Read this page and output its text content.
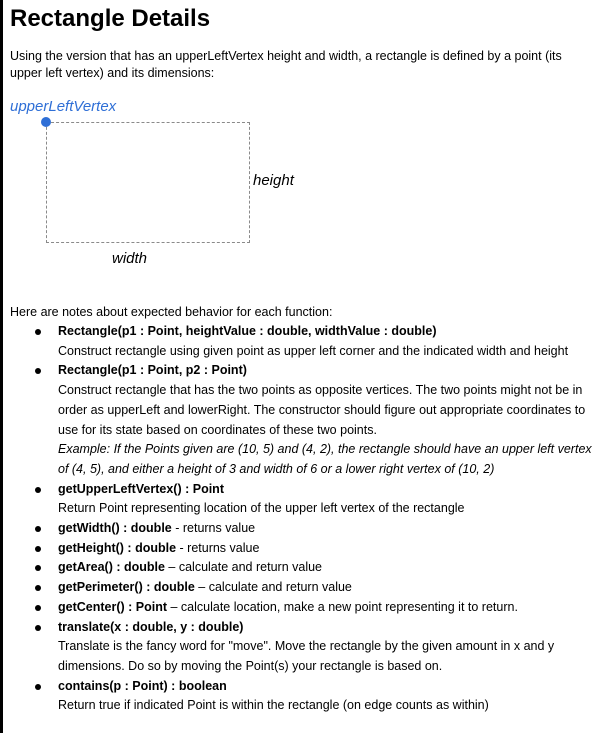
Rectangle Details
Using the version that has an upperLeftVertex height and width, a rectangle is defined by a point (its upper left vertex) and its dimensions:
upperLeftVertex
height
width
Here are notes about expected behavior for each function:
Rectangle(p1 : Point, heightValue : double, widthValue : double)
Construct rectangle using given point as upper left corner and the indicated width and height
Rectangle(p1 : Point, p2 : Point)
Construct rectangle that has the two points as opposite vertices. The two points might not be in order as upperLeft and lowerRight. The constructor should figure out appropriate coordinates to use for its state based on coordinates of these two points.
Example: If the Points given are (10, 5) and (4, 2), the rectangle should have an upper left vertex of (4, 5), and either a height of 3 and width of 6 or a lower right vertex of (10, 2)
getUpperLeftVertex() : Point
Return Point representing location of the upper left vertex of the rectangle
getWidth() : double - returns value
getHeight() : double - returns value
getArea() : double – calculate and return value
getPerimeter() : double – calculate and return value
getCenter() : Point – calculate location, make a new point representing it to return.
translate(x : double, y : double)
Translate is the fancy word for "move". Move the rectangle by the given amount in x and y dimensions. Do so by moving the Point(s) your rectangle is based on.
contains(p : Point) : boolean
Return true if indicated Point is within the rectangle (on edge counts as within)
